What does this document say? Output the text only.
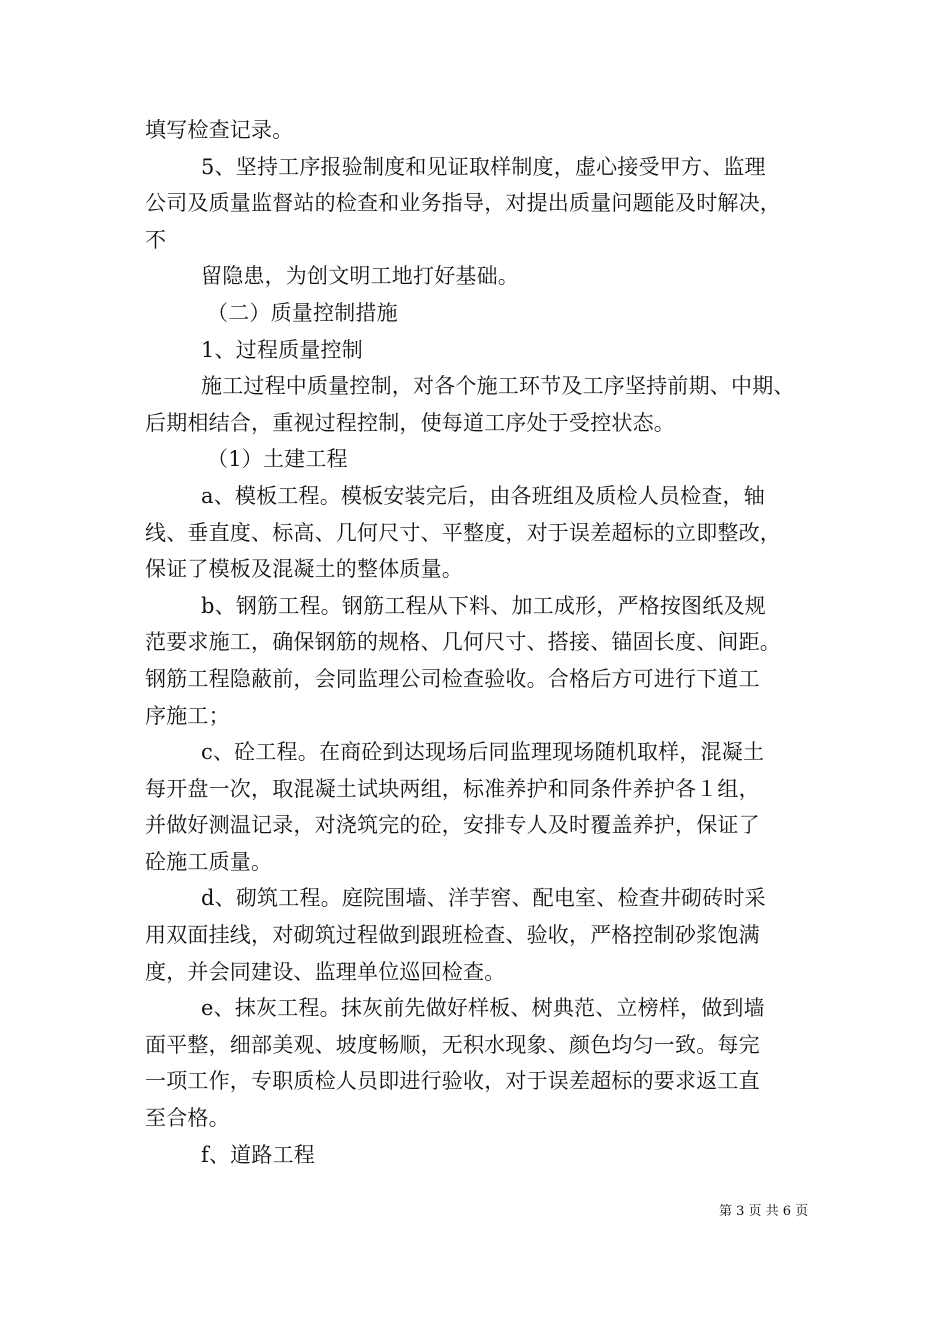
填写检查记录。
5、坚持工序报验制度和见证取样制度，虚心接受甲方、监理
公司及质量监督站的检查和业务指导，对提出质量问题能及时解决，
不
留隐患，为创文明工地打好基础。
（二）质量控制措施
1、过程质量控制
施工过程中质量控制，对各个施工环节及工序坚持前期、中期、
后期相结合，重视过程控制，使每道工序处于受控状态。
（1）土建工程
a、模板工程。模板安装完后，由各班组及质检人员检查，轴
线、垂直度、标高、几何尺寸、平整度，对于误差超标的立即整改，
保证了模板及混凝土的整体质量。
b、钢筋工程。钢筋工程从下料、加工成形，严格按图纸及规
范要求施工，确保钢筋的规格、几何尺寸、搭接、锚固长度、间距。
钢筋工程隐蔽前，会同监理公司检查验收。合格后方可进行下道工
序施工；
c、砼工程。在商砼到达现场后同监理现场随机取样，混凝土
每开盘一次，取混凝土试块两组，标准养护和同条件养护各１组，
并做好测温记录，对浇筑完的砼，安排专人及时覆盖养护，保证了
砼施工质量。
d、砌筑工程。庭院围墙、洋芋窖、配电室、检查井砌砖时采
用双面挂线，对砌筑过程做到跟班检查、验收，严格控制砂浆饱满
度，并会同建设、监理单位巡回检查。
e、抹灰工程。抹灰前先做好样板、树典范、立榜样，做到墙
面平整，细部美观、坡度畅顺，无积水现象、颜色均匀一致。每完
一项工作，专职质检人员即进行验收，对于误差超标的要求返工直
至合格。
f、道路工程
第 3 页 共 6 页
